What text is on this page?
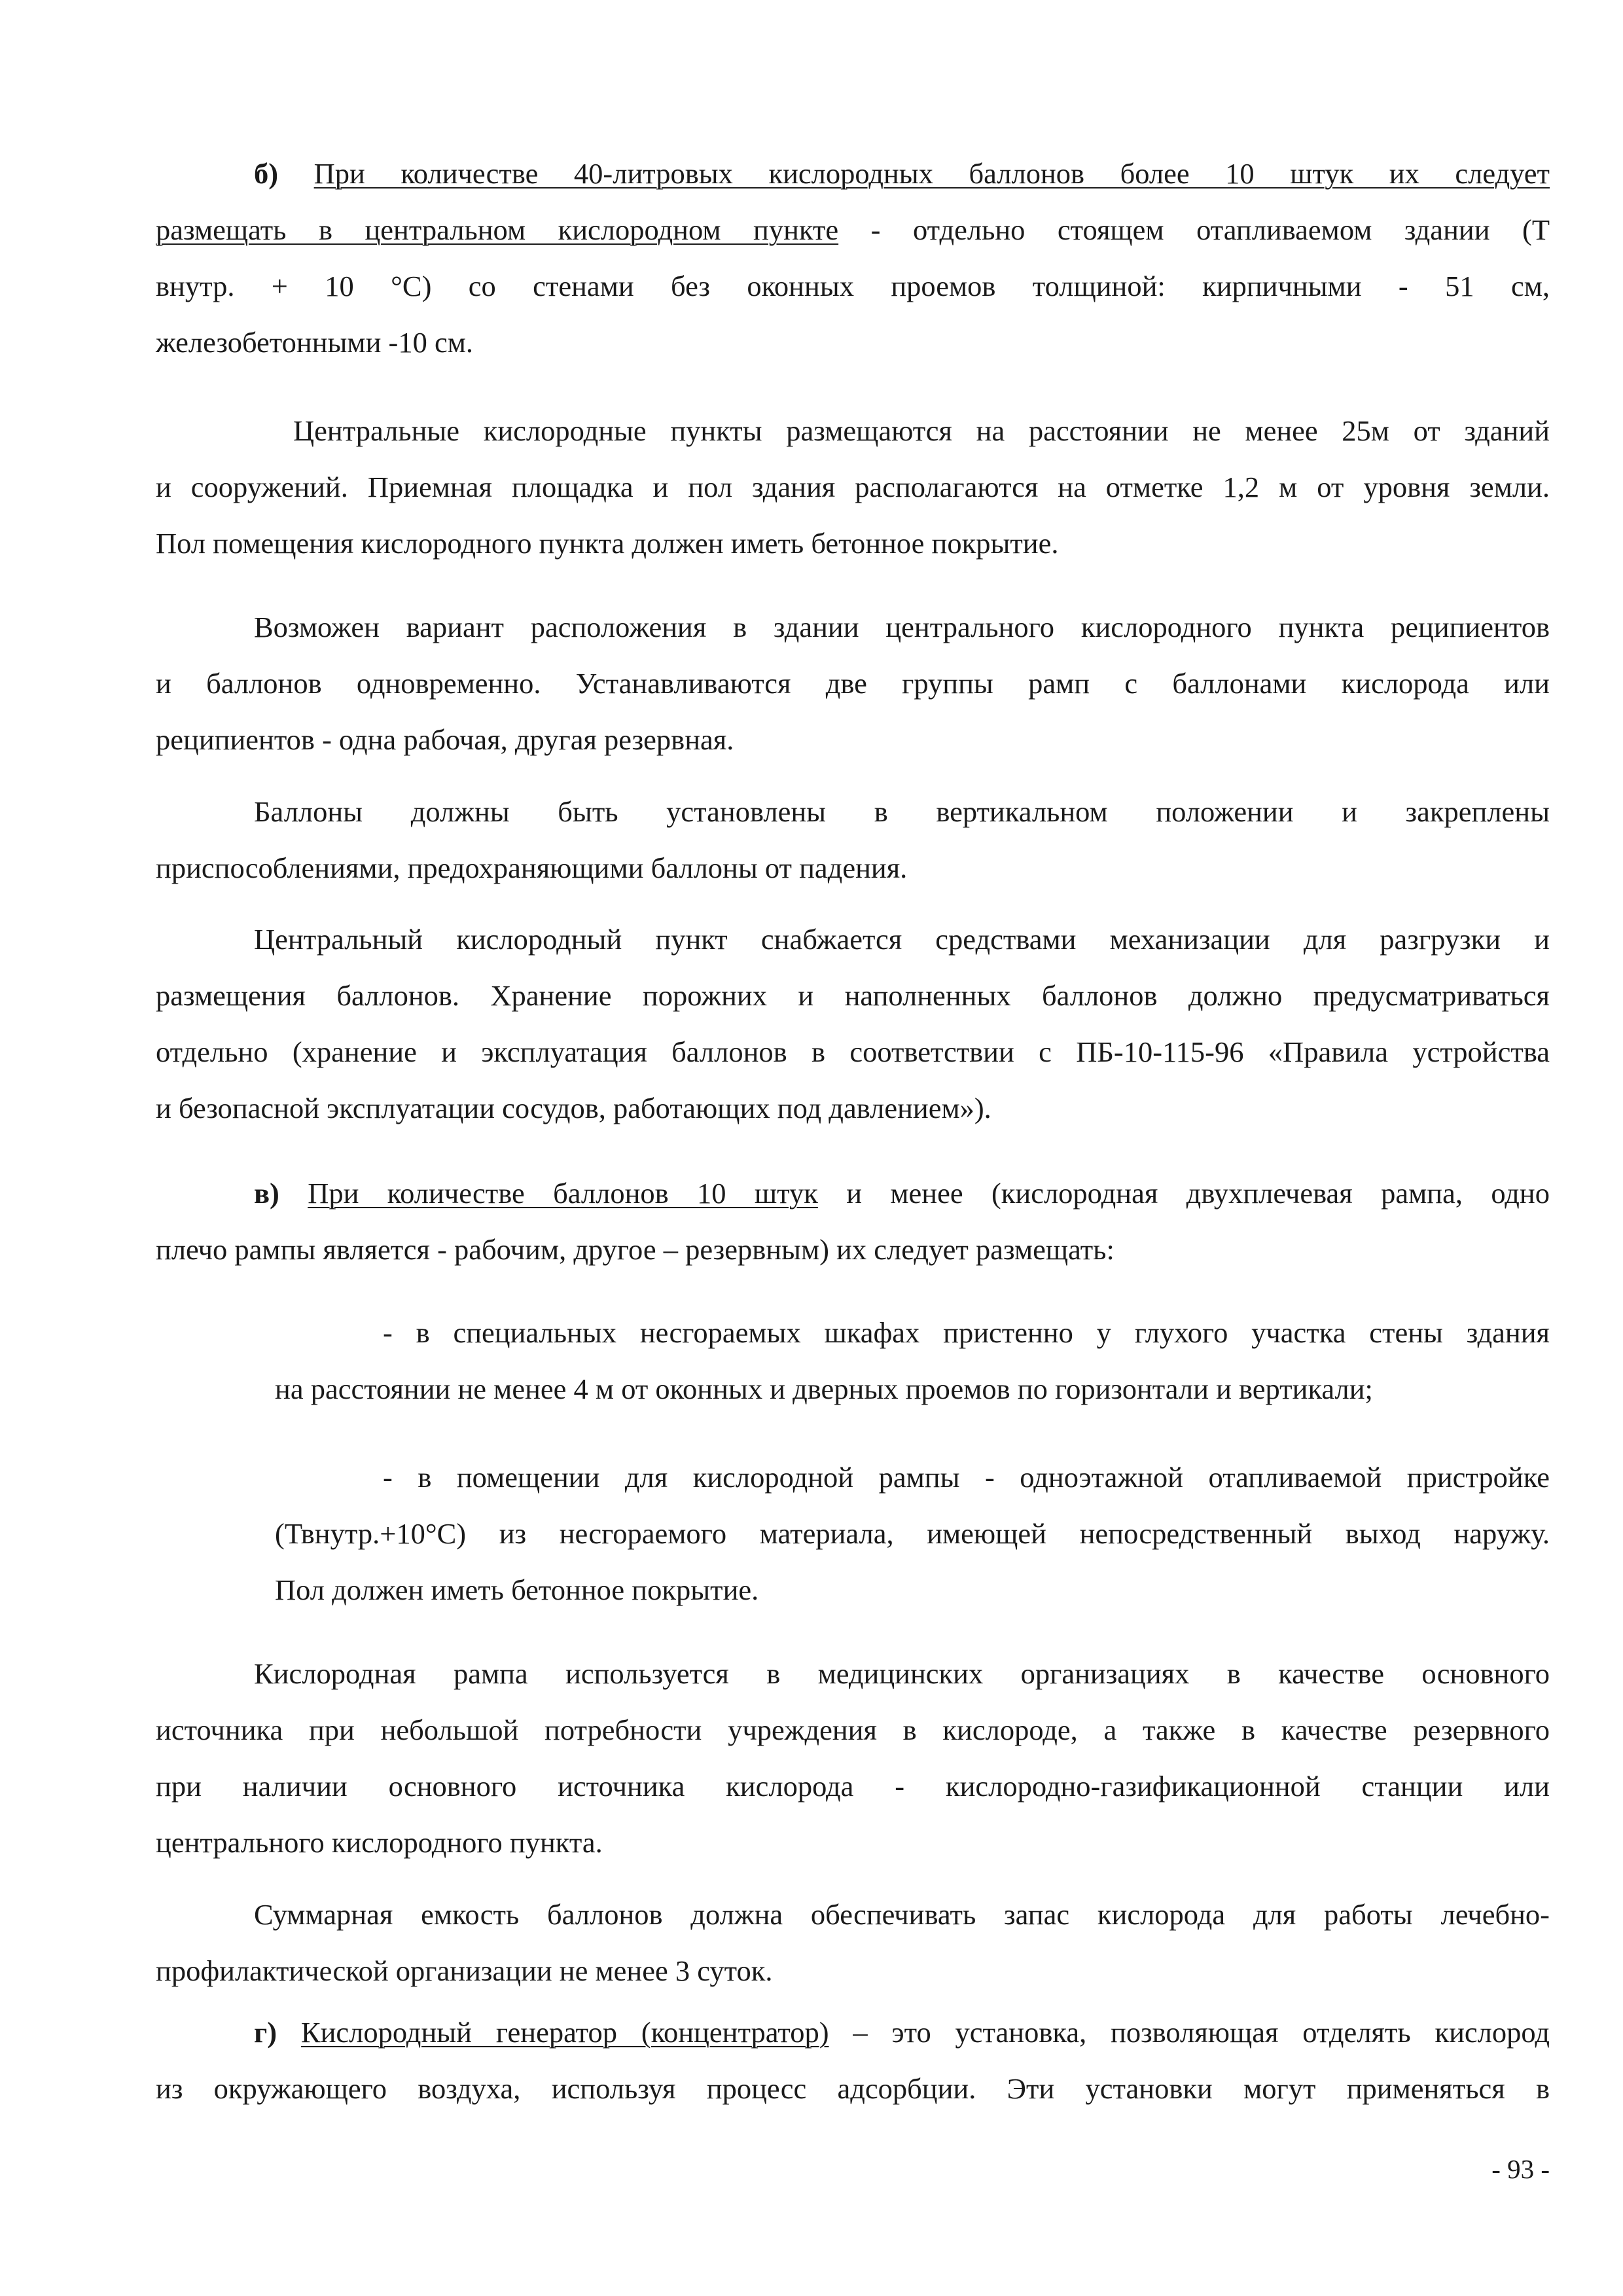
б) При количестве 40-литровых кислородных баллонов более 10 штук их следует
размещать в центральном кислородном пункте - отдельно стоящем отапливаемом здании (Т
внутр. + 10 °С) со стенами без оконных проемов толщиной: кирпичными - 51 см,
железобетонными -10 см.
Центральные кислородные пункты размещаются на расстоянии не менее 25м от зданий
и сооружений. Приемная площадка и пол здания располагаются на отметке 1,2 м от уровня земли.
Пол помещения кислородного пункта должен иметь бетонное покрытие.
Возможен вариант расположения в здании центрального кислородного пункта реципиентов
и баллонов одновременно. Устанавливаются две группы рамп с баллонами кислорода или
реципиентов - одна рабочая, другая резервная.
Баллоны должны быть установлены в вертикальном положении и закреплены
приспособлениями, предохраняющими баллоны от падения.
Центральный кислородный пункт снабжается средствами механизации для разгрузки и
размещения баллонов. Хранение порожних и наполненных баллонов должно предусматриваться
отдельно (хранение и эксплуатация баллонов в соответствии с ПБ-10-115-96 «Правила устройства
и безопасной эксплуатации сосудов, работающих под давлением»).
в) При количестве баллонов 10 штук и менее (кислородная двухплечевая рампа, одно
плечо рампы является - рабочим, другое – резервным) их следует размещать:
- в специальных несгораемых шкафах пристенно у глухого участка стены здания
на расстоянии не менее 4 м от оконных и дверных проемов по горизонтали и вертикали;
- в помещении для кислородной рампы - одноэтажной отапливаемой пристройке
(Твнутр.+10°С) из несгораемого материала, имеющей непосредственный выход наружу.
Пол должен иметь бетонное покрытие.
Кислородная рампа используется в медицинских организациях в качестве основного
источника при небольшой потребности учреждения в кислороде, а также в качестве резервного
при наличии основного источника кислорода - кислородно-газификационной станции или
центрального кислородного пункта.
Суммарная емкость баллонов должна обеспечивать запас кислорода для работы лечебно-
профилактической организации не менее 3 суток.
г) Кислородный генератор (концентратор) – это установка, позволяющая отделять кислород
из окружающего воздуха, используя процесс адсорбции. Эти установки могут применяться в
- 93 -
